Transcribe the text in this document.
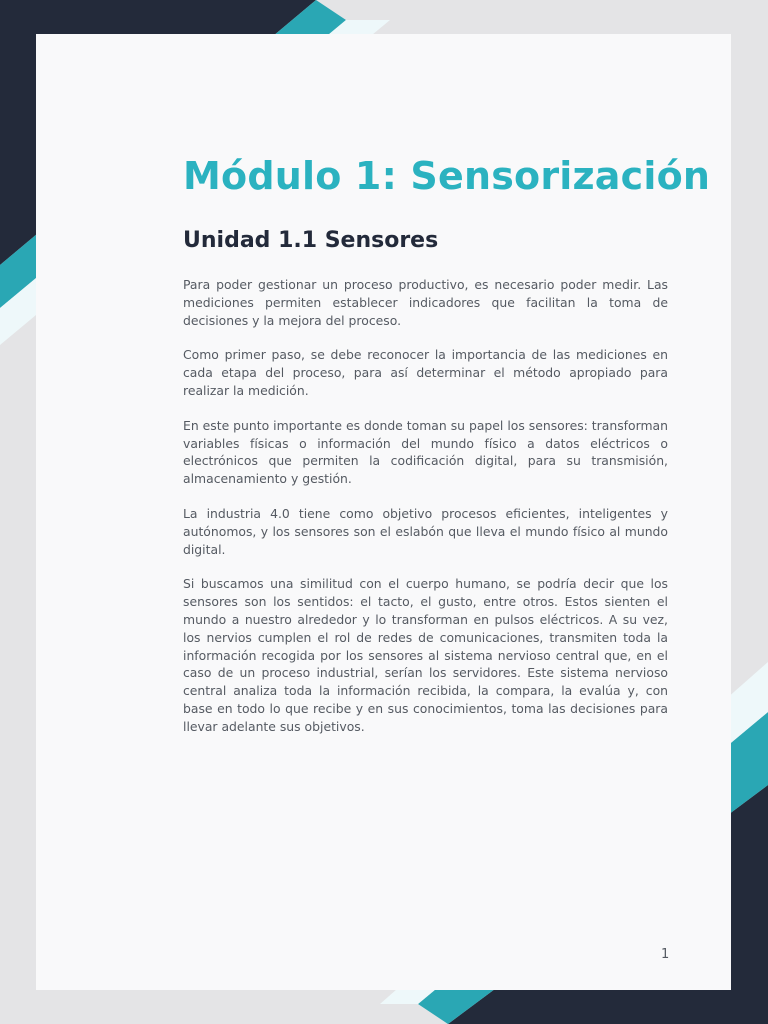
Módulo 1: Sensorización
Unidad 1.1 Sensores

Para poder gestionar un proceso productivo, es necesario poder medir. Las mediciones permiten establecer indicadores que facilitan la toma de decisiones y la mejora del proceso.

Como primer paso, se debe reconocer la importancia de las mediciones en cada etapa del proceso, para así determinar el método apropiado para realizar la medición.

En este punto importante es donde toman su papel los sensores: transforman variables físicas o información del mundo físico a datos eléctricos o electrónicos que permiten la codificación digital, para su transmisión, almacenamiento y gestión.

La industria 4.0 tiene como objetivo procesos eficientes, inteligentes y autónomos, y los sensores son el eslabón que lleva el mundo físico al mundo digital.

Si buscamos una similitud con el cuerpo humano, se podría decir que los sensores son los sentidos: el tacto, el gusto, entre otros. Estos sienten el mundo a nuestro alrededor y lo transforman en pulsos eléctricos. A su vez, los nervios cumplen el rol de redes de comunicaciones, transmiten toda la información recogida por los sensores al sistema nervioso central que, en el caso de un proceso industrial, serían los servidores. Este sistema nervioso central analiza toda la información recibida, la compara, la evalúa y, con base en todo lo que recibe y en sus conocimientos, toma las decisiones para llevar adelante sus objetivos.

1
